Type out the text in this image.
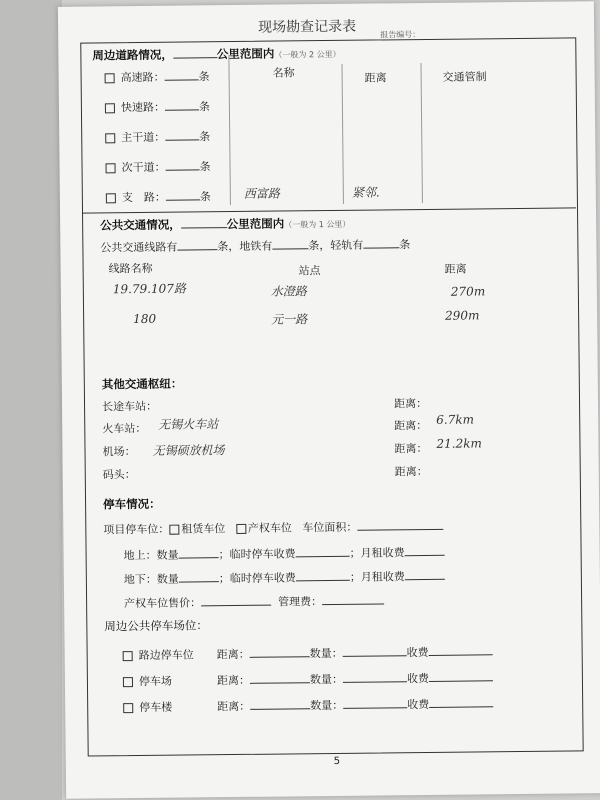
现场勘查记录表	报告编号：
周边道路情况，	公里范围内（一般为 2 公里）
名称	距离	交通管制
高速路：	条
快速路：	条
主干道：	条
次干道：	条
支　路：	条	西富路	紧邻.
公共交通情况，	公里范围内（一般为 1 公里）
公共交通线路有	条，地铁有	条，轻轨有	条
线路名称	站点	距离
19.79.107路	水澄路	270m
180	元一路	290m
其他交通枢纽：
长途车站：	距离：
火车站： 无锡火车站	距离： 6.7km
机场： 无锡硕放机场	距离： 21.2km
码头：	距离：
停车情况：
项目停车位： 租赁车位 产权车位 车位面积：
地上：数量	；临时停车收费	；月租收费
地下：数量	；临时停车收费	；月租收费
产权车位售价：	管理费：
周边公共停车场位：
路边停车位 距离：	数量：	收费
停车场	距离：	数量：	收费
停车楼	距离：	数量：	收费
5
